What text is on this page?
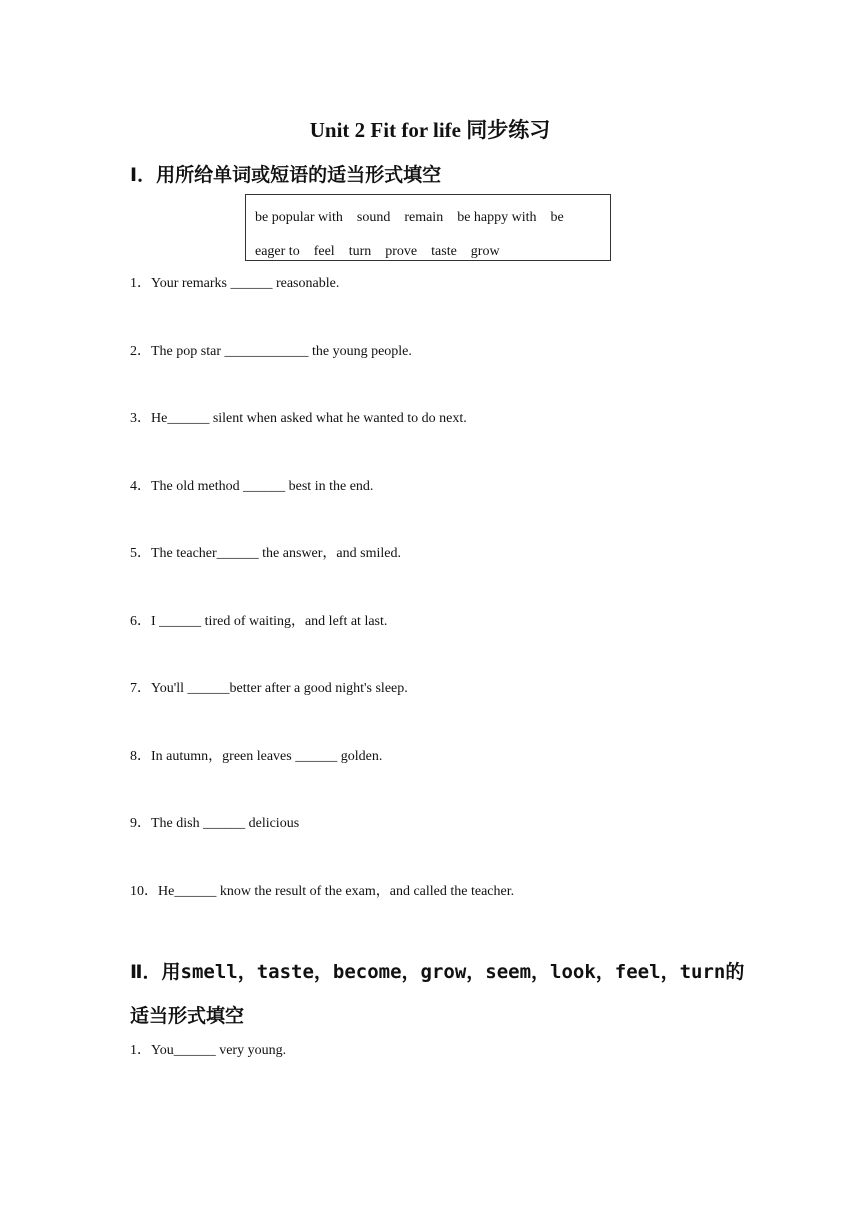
Unit 2 Fit for life 同步练习
Ⅰ．用所给单词或短语的适当形式填空
be popular with sound remain be happy with be
eager to feel turn prove taste grow

1．Your remarks ______ reasonable.

2．The pop star ____________ the young people.

3．He______ silent when asked what he wanted to do next.

4．The old method ______ best in the end.

5．The teacher______ the answer，and smiled.

6．I ______ tired of waiting，and left at last.

7．You'll ______better after a good night's sleep.

8．In autumn，green leaves ______ golden.

9．The dish ______ delicious

10．He______ know the result of the exam，and called the teacher.

Ⅱ．用smell，taste，become，grow，seem，look，feel，turn的适当形式填空

1．You______ very young.
